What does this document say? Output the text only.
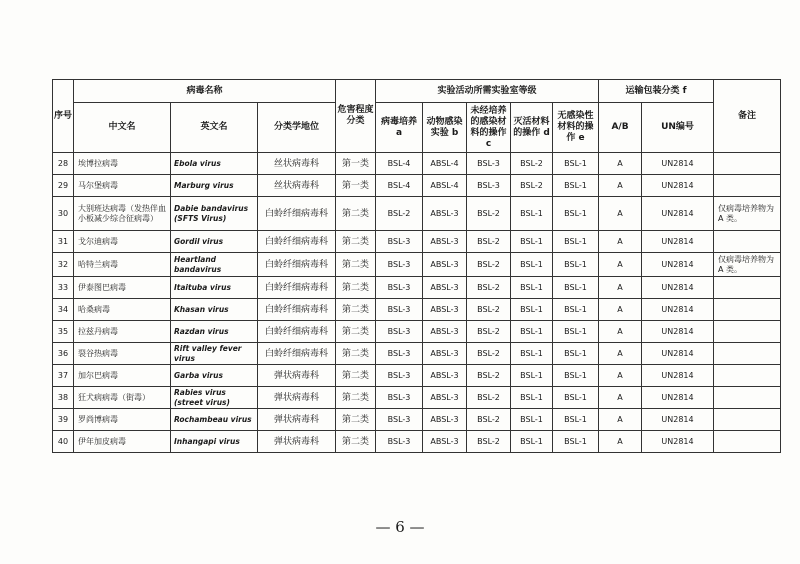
序号	病毒名称			危害程度分类	实验活动所需实验室等级					运输包装分类 f		备注
	中文名	英文名	分类学地位		病毒培养 a	动物感染实验 b	未经培养的感染材料的操作 c	灭活材料的操作 d	无感染性材料的操作 e	A/B	UN编号	
28	埃博拉病毒	Ebola virus	丝状病毒科	第一类	BSL-4	ABSL-4	BSL-3	BSL-2	BSL-1	A	UN2814	
29	马尔堡病毒	Marburg virus	丝状病毒科	第一类	BSL-4	ABSL-4	BSL-3	BSL-2	BSL-1	A	UN2814	
30	大别班达病毒（发热伴血小板减少综合征病毒）	Dabie bandavirus (SFTS Virus)	白蛉纤细病毒科	第二类	BSL-2	ABSL-3	BSL-2	BSL-1	BSL-1	A	UN2814	仅病毒培养物为 A 类。
31	戈尔迪病毒	Gordil virus	白蛉纤细病毒科	第二类	BSL-3	ABSL-3	BSL-2	BSL-1	BSL-1	A	UN2814	
32	哈特兰病毒	Heartland bandavirus	白蛉纤细病毒科	第二类	BSL-3	ABSL-3	BSL-2	BSL-1	BSL-1	A	UN2814	仅病毒培养物为 A 类。
33	伊泰图巴病毒	Itaituba virus	白蛉纤细病毒科	第二类	BSL-3	ABSL-3	BSL-2	BSL-1	BSL-1	A	UN2814	
34	哈桑病毒	Khasan virus	白蛉纤细病毒科	第二类	BSL-3	ABSL-3	BSL-2	BSL-1	BSL-1	A	UN2814	
35	拉兹丹病毒	Razdan virus	白蛉纤细病毒科	第二类	BSL-3	ABSL-3	BSL-2	BSL-1	BSL-1	A	UN2814	
36	裂谷热病毒	Rift valley fever virus	白蛉纤细病毒科	第二类	BSL-3	ABSL-3	BSL-2	BSL-1	BSL-1	A	UN2814	
37	加尔巴病毒	Garba virus	弹状病毒科	第二类	BSL-3	ABSL-3	BSL-2	BSL-1	BSL-1	A	UN2814	
38	狂犬病病毒（街毒）	Rabies virus (street virus)	弹状病毒科	第二类	BSL-3	ABSL-3	BSL-2	BSL-1	BSL-1	A	UN2814	
39	罗尚博病毒	Rochambeau virus	弹状病毒科	第二类	BSL-3	ABSL-3	BSL-2	BSL-1	BSL-1	A	UN2814	
40	伊年加皮病毒	Inhangapi virus	弹状病毒科	第二类	BSL-3	ABSL-3	BSL-2	BSL-1	BSL-1	A	UN2814	
— 6 —
